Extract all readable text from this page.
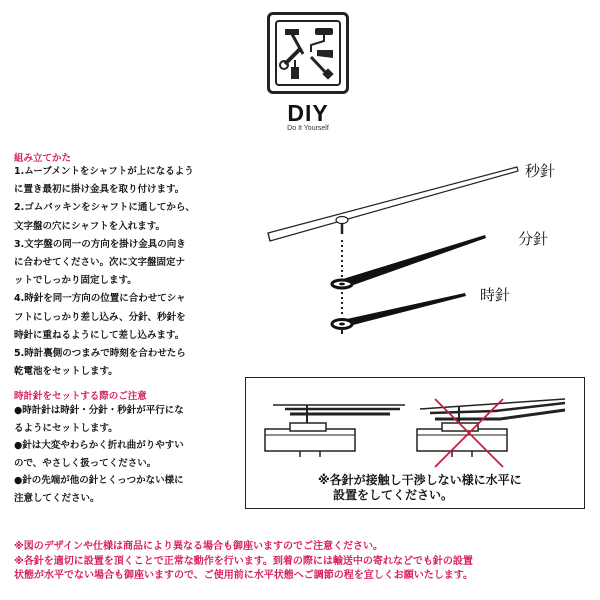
DIY
Do It Yourself
組み立てかた
1.ムーブメントをシャフトが上になるよう
に置き最初に掛け金具を取り付けます。
2.ゴムパッキンをシャフトに通してから、
文字盤の穴にシャフトを入れます。
3.文字盤の同一の方向を掛け金具の向き
に合わせてください。次に文字盤固定ナ
ットでしっかり固定します。
4.時針を同一方向の位置に合わせてシャ
フトにしっかり差し込み、分針、秒針を
時針に重ねるようにして差し込みます。
5.時計裏側のつまみで時刻を合わせたら
乾電池をセットします。
時計針をセットする際のご注意
●時計針は時針・分針・秒針が平行にな
るようにセットします。
●針は大変やわらかく折れ曲がりやすい
ので、やさしく扱ってください。
●針の先端が他の針とくっつかない様に
注意してください。
秒針
分針
時針
※各針が接触し干渉しない様に水平に
設置をしてください。
※図のデザインや仕様は商品により異なる場合も御座いますのでご注意ください。
※各針を適切に設置を頂くことで正常な動作を行います。到着の際には輸送中の寄れなどでも針の設置
状態が水平でない場合も御座いますので、ご使用前に水平状態へご調節の程を宜しくお願いたします。
